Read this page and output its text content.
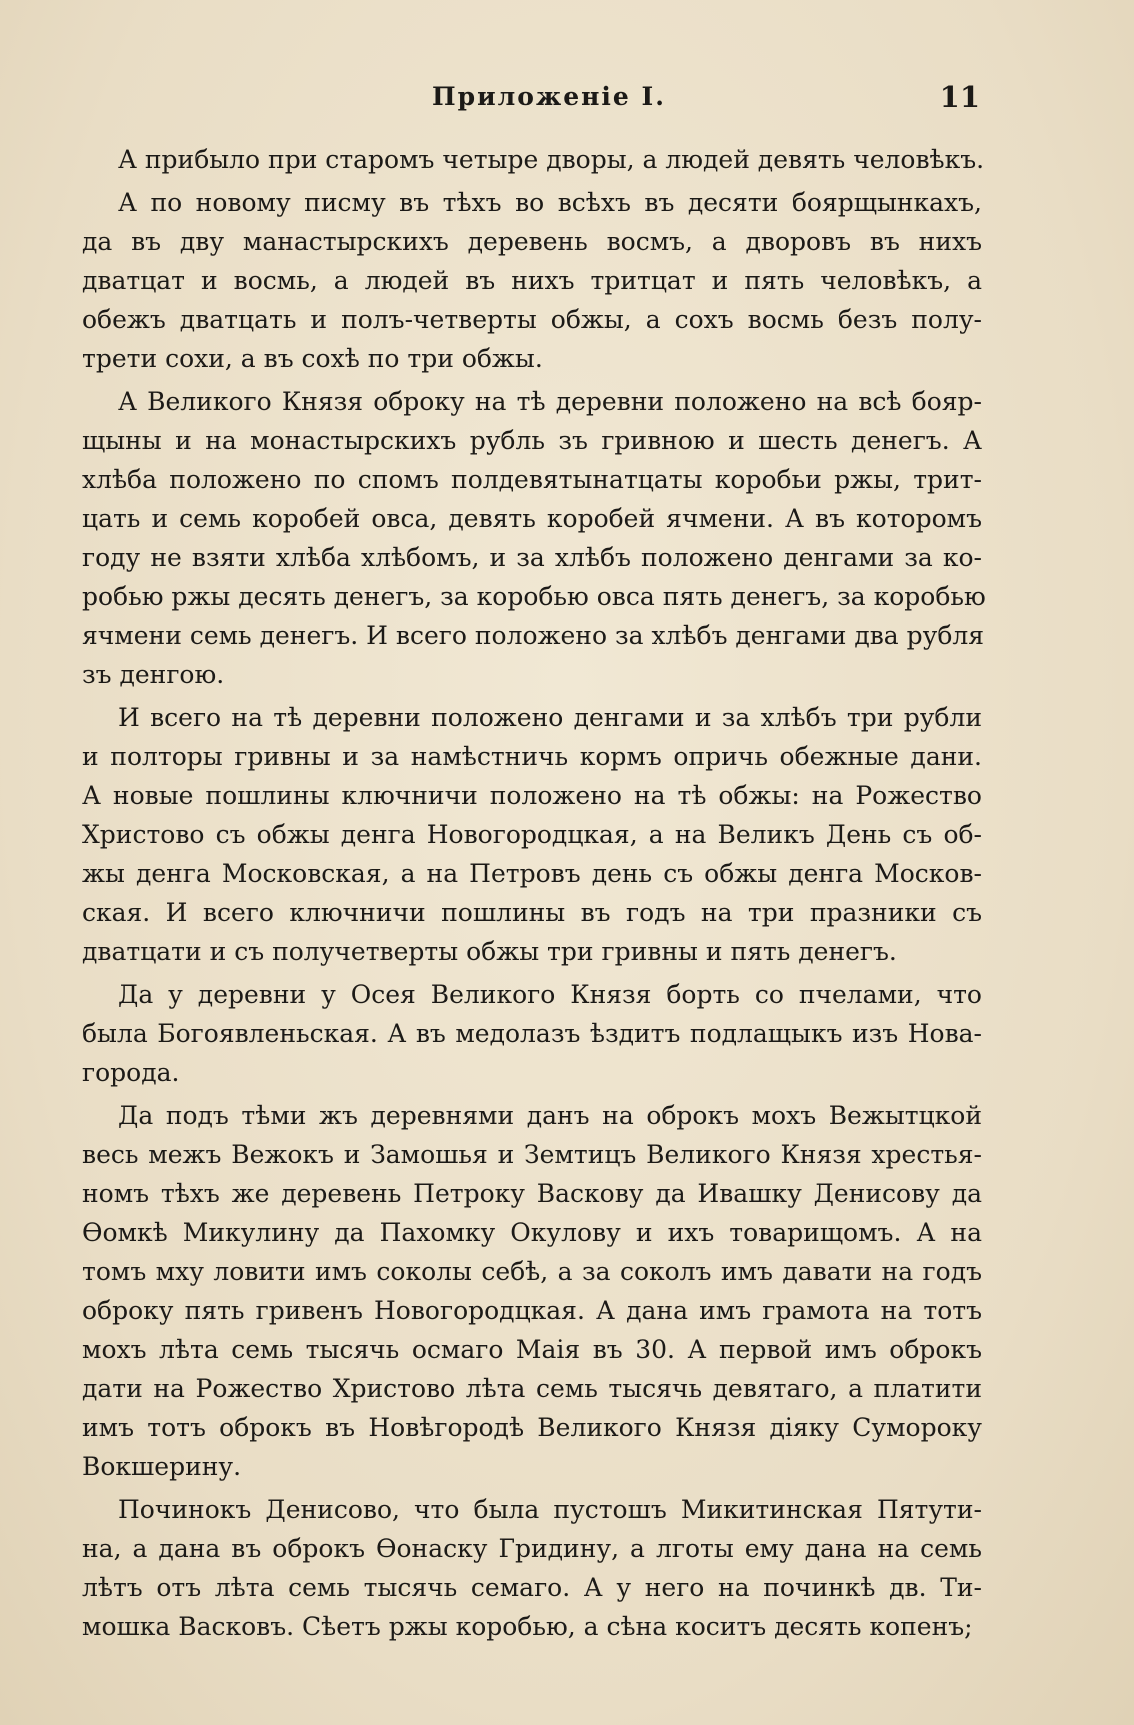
Приложеніе I.	11
А прибыло при старомъ четыре дворы, а людей девять человѣкъ.
А по новому писму въ тѣхъ во всѣхъ въ десяти боярщынкахъ,
да въ дву манастырскихъ деревень восмъ, а дворовъ въ нихъ
дватцат и восмь, а людей въ нихъ тритцат и пять человѣкъ, а
обежъ дватцать и полъ-четверты обжы, а сохъ восмь безъ полу-
трети сохи, а въ сохѣ по три обжы.
А Великого Князя оброку на тѣ деревни положено на всѣ бояр-
щыны и на монастырскихъ рубль зъ гривною и шесть денегъ. А
хлѣба положено по спомъ полдевятынатцаты коробьи ржы, трит-
цать и семь коробей овса, девять коробей ячмени. А въ которомъ
году не взяти хлѣба хлѣбомъ, и за хлѣбъ положено денгами за ко-
робью ржы десять денегъ, за коробью овса пять денегъ, за коробью
ячмени семь денегъ. И всего положено за хлѣбъ денгами два рубля
зъ денгою.
И всего на тѣ деревни положено денгами и за хлѣбъ три рубли
и полторы гривны и за намѣстничь кормъ опричь обежные дани.
А новые пошлины ключничи положено на тѣ обжы: на Рожество
Христово съ обжы денга Новогородцкая, а на Великъ День съ об-
жы денга Московская, а на Петровъ день съ обжы денга Москов-
ская. И всего ключничи пошлины въ годъ на три празники съ
дватцати и съ получетверты обжы три гривны и пять денегъ.
Да у деревни у Осея Великого Князя борть со пчелами, что
была Богоявленьская. А въ медолазъ ѣздитъ подлащыкъ изъ Нова-
города.
Да подъ тѣми жъ деревнями данъ на оброкъ мохъ Вежытцкой
весь межъ Вежокъ и Замошья и Земтицъ Великого Князя хрестья-
номъ тѣхъ же деревень Петроку Васкову да Ивашку Денисову да
Ѳомкѣ Микулину да Пахомку Окулову и ихъ товарищомъ. А на
томъ мху ловити имъ соколы себѣ, а за соколъ имъ давати на годъ
оброку пять гривенъ Новогородцкая. А дана имъ грамота на тотъ
мохъ лѣта семь тысячь осмаго Маія въ 30. А первой имъ оброкъ
дати на Рожество Христово лѣта семь тысячь девятаго, а платити
имъ тотъ оброкъ въ Новѣгородѣ Великого Князя діяку Сумороку
Вокшерину.
Починокъ Денисово, что была пустошъ Микитинская Пятути-
на, а дана въ оброкъ Ѳонаску Гридину, а лготы ему дана на семь
лѣтъ отъ лѣта семь тысячь семаго. А у него на починкѣ дв. Ти-
мошка Васковъ. Сѣетъ ржы коробью, а сѣна коситъ десять копенъ;
